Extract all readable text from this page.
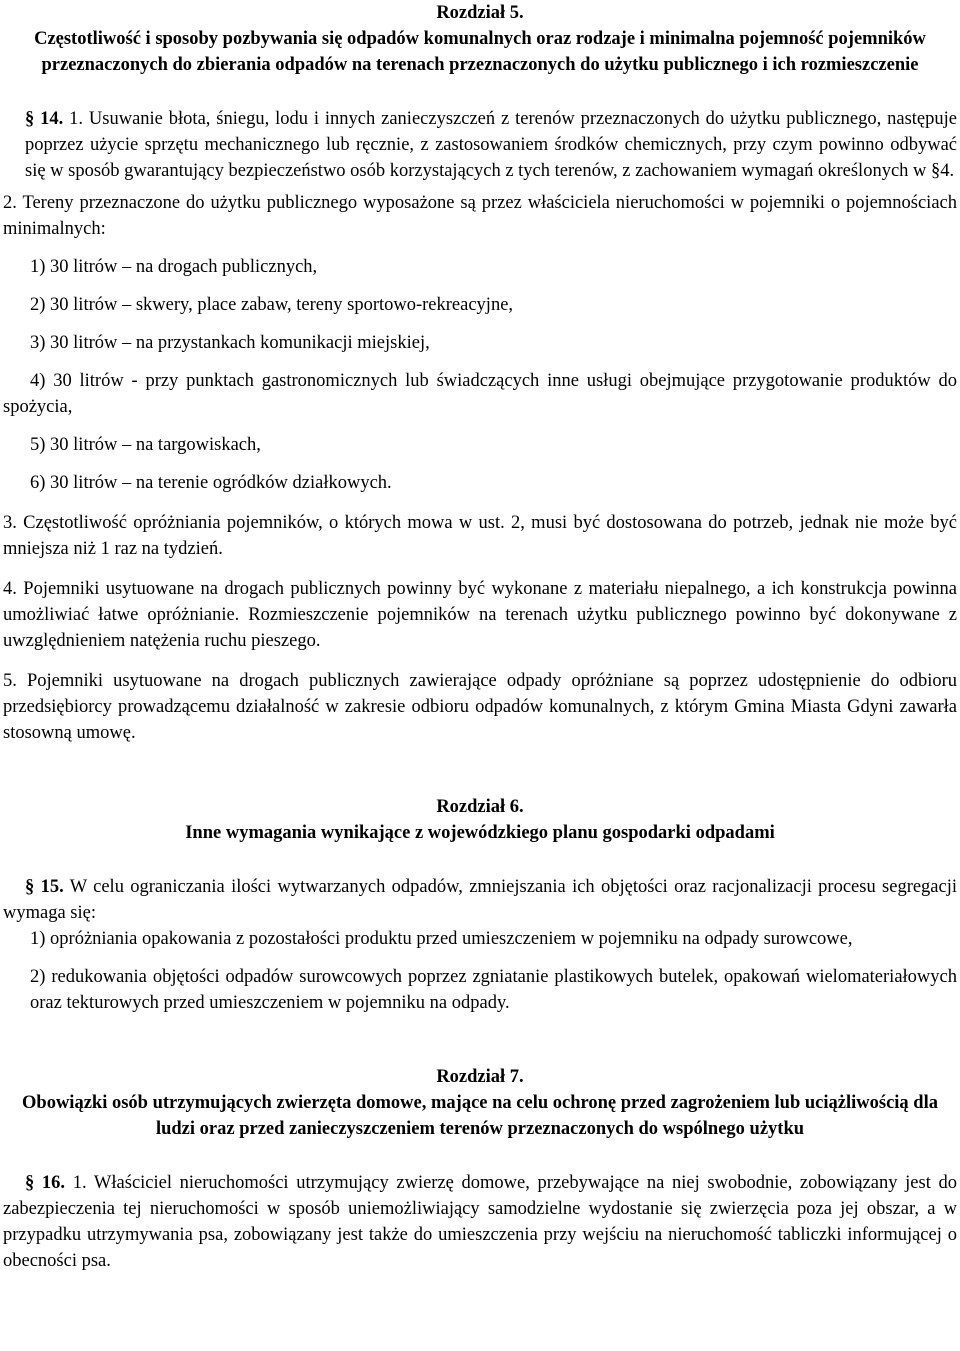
Rozdział 5.

Częstotliwość i sposoby pozbywania się odpadów komunalnych oraz rodzaje i minimalna pojemność pojemników przeznaczonych do zbierania odpadów na terenach przeznaczonych do użytku publicznego i ich rozmieszczenie

§ 14. 1. Usuwanie błota, śniegu, lodu i innych zanieczyszczeń z terenów przeznaczonych do użytku publicznego, następuje poprzez użycie sprzętu mechanicznego lub ręcznie, z zastosowaniem środków chemicznych, przy czym powinno odbywać się w sposób gwarantujący bezpieczeństwo osób korzystających z tych terenów, z zachowaniem wymagań określonych w §4.

2. Tereny przeznaczone do użytku publicznego wyposażone są przez właściciela nieruchomości w pojemniki o pojemnościach minimalnych:

1) 30 litrów – na drogach publicznych,

2) 30 litrów – skwery, place zabaw, tereny sportowo-rekreacyjne,

3) 30 litrów – na przystankach komunikacji miejskiej,

4) 30 litrów - przy punktach gastronomicznych lub świadczących inne usługi obejmujące przygotowanie produktów do spożycia,

5) 30 litrów – na targowiskach,

6) 30 litrów – na terenie ogródków działkowych.

3. Częstotliwość opróżniania pojemników, o których mowa w ust. 2, musi być dostosowana do potrzeb, jednak nie może być mniejsza niż 1 raz na tydzień.

4. Pojemniki usytuowane na drogach publicznych powinny być wykonane z materiału niepalnego, a ich konstrukcja powinna umożliwiać łatwe opróżnianie. Rozmieszczenie pojemników na terenach użytku publicznego powinno być dokonywane z uwzględnieniem natężenia ruchu pieszego.

5. Pojemniki usytuowane na drogach publicznych zawierające odpady opróżniane są poprzez udostępnienie do odbioru przedsiębiorcy prowadzącemu działalność w zakresie odbioru odpadów komunalnych, z którym Gmina Miasta Gdyni zawarła stosowną umowę.

Rozdział 6.

Inne wymagania wynikające z wojewódzkiego planu gospodarki odpadami

§ 15. W celu ograniczania ilości wytwarzanych odpadów, zmniejszania ich objętości oraz racjonalizacji procesu segregacji wymaga się:

1) opróżniania opakowania z pozostałości produktu przed umieszczeniem w pojemniku na odpady surowcowe,

2) redukowania objętości odpadów surowcowych poprzez zgniatanie plastikowych butelek, opakowań wielomateriałowych oraz tekturowych przed umieszczeniem w pojemniku na odpady.

Rozdział 7.

Obowiązki osób utrzymujących zwierzęta domowe, mające na celu ochronę przed zagrożeniem lub uciążliwością dla ludzi oraz przed zanieczyszczeniem terenów przeznaczonych do wspólnego użytku

§ 16. 1. Właściciel nieruchomości utrzymujący zwierzę domowe, przebywające na niej swobodnie, zobowiązany jest do zabezpieczenia tej nieruchomości w sposób uniemożliwiający samodzielne wydostanie się zwierzęcia poza jej obszar, a w przypadku utrzymywania psa, zobowiązany jest także do umieszczenia przy wejściu na nieruchomość tabliczki informującej o obecności psa.
